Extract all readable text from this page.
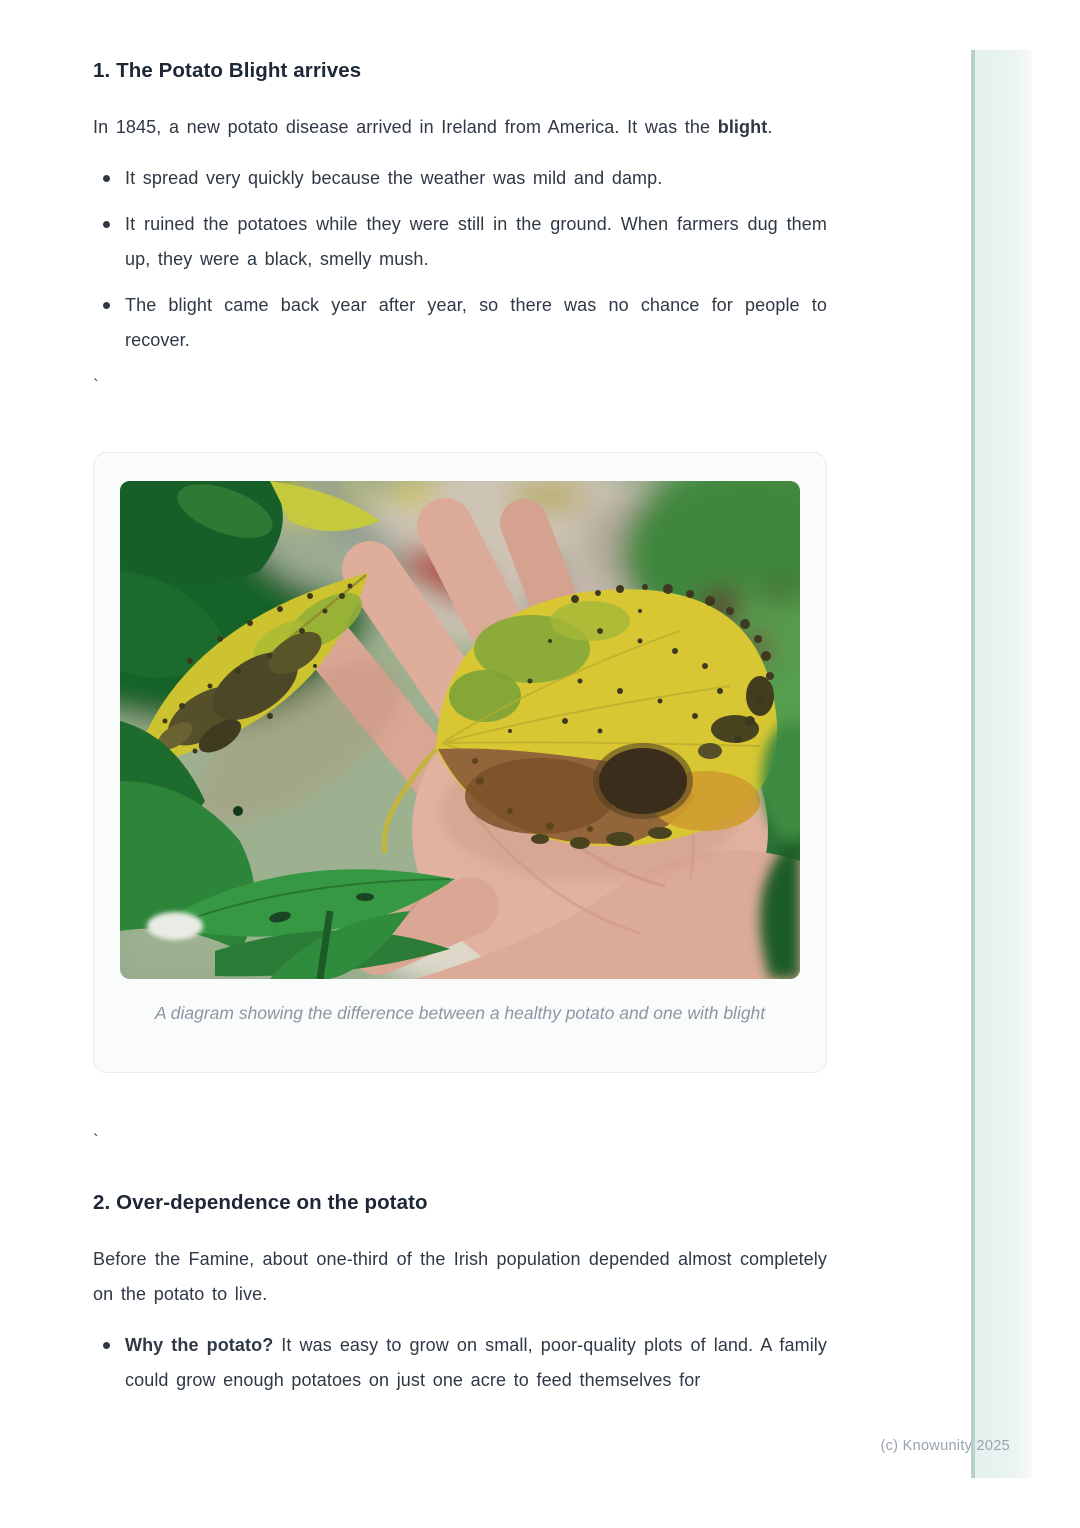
(c) Knowunity 2025
1. The Potato Blight arrives

In 1845, a new potato disease arrived in Ireland from America. It was the blight.

It spread very quickly because the weather was mild and damp.
It ruined the potatoes while they were still in the ground. When farmers dug them up, they were a black, smelly mush.
The blight came back year after year, so there was no chance for people to recover.
`
A diagram showing the difference between a healthy potato and one with blight
`
2. Over-dependence on the potato

Before the Famine, about one-third of the Irish population depended almost completely on the potato to live.

Why the potato? It was easy to grow on small, poor-quality plots of land. A family could grow enough potatoes on just one acre to feed themselves for
